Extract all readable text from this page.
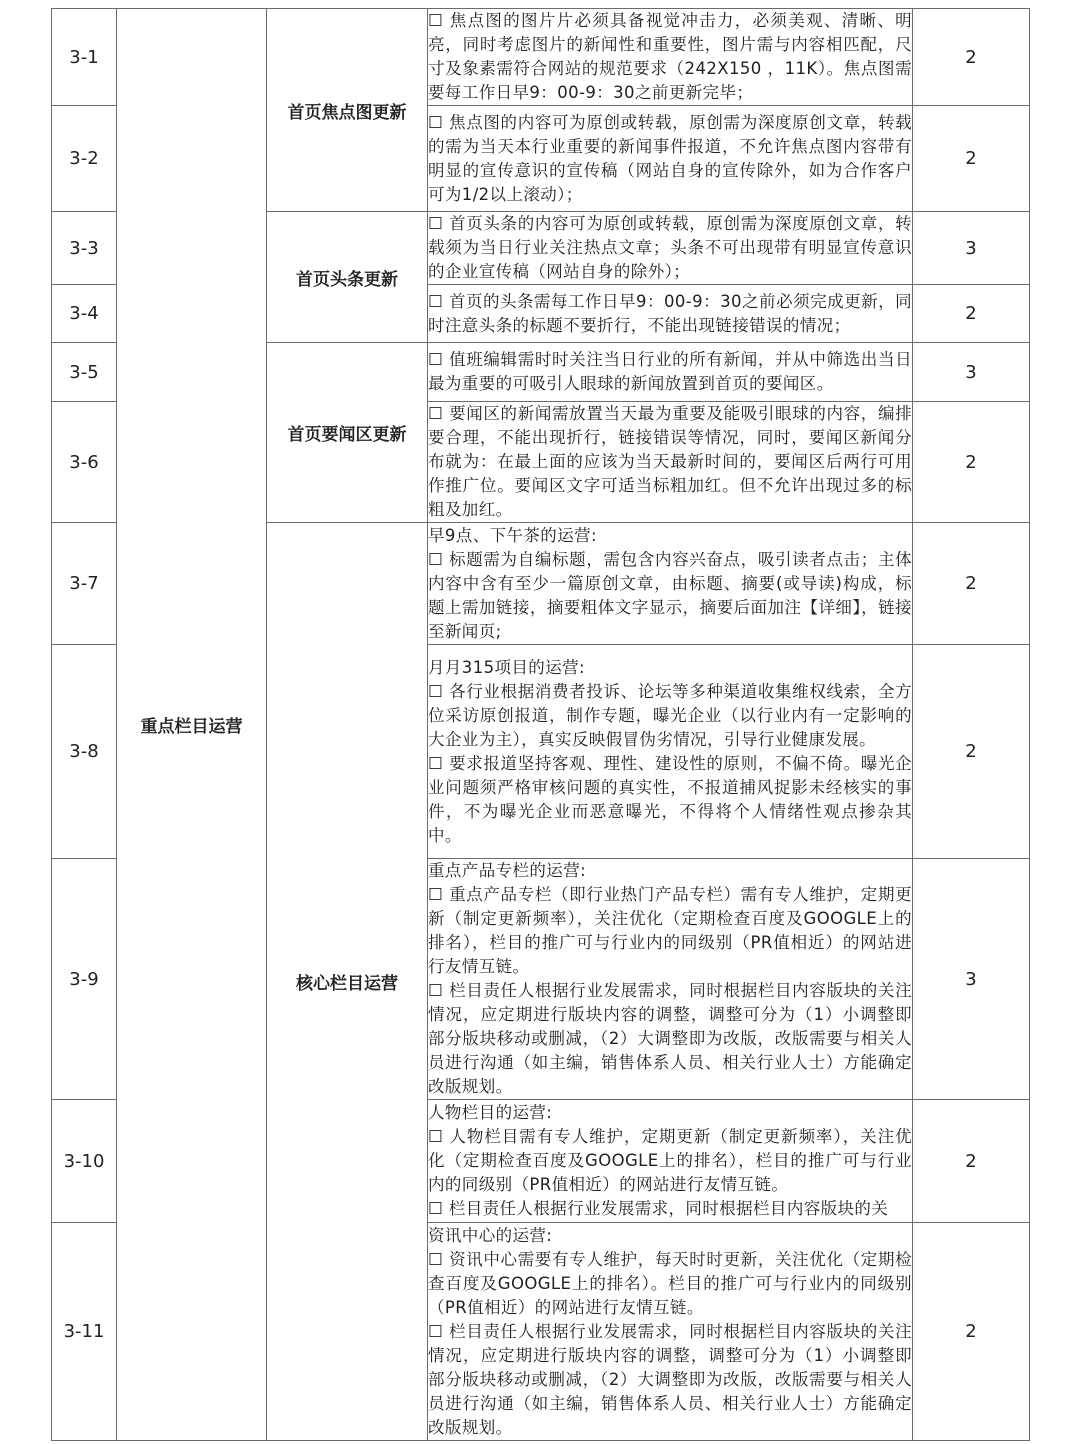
3-1	重点栏目运营	首页焦点图更新	☐ 焦点图的图片片必须具备视觉冲击力，必须美观、清晰、明亮，同时考虑图片的新闻性和重要性，图片需与内容相匹配，尺寸及象素需符合网站的规范要求（242X150 ，11K）。焦点图需要每工作日早9：00-9：30之前更新完毕；	2
3-2			☐ 焦点图的内容可为原创或转载，原创需为深度原创文章，转载的需为当天本行业重要的新闻事件报道，不允许焦点图内容带有明显的宣传意识的宣传稿（网站自身的宣传除外，如为合作客户可为1/2以上滚动）；	2
3-3		首页头条更新	☐ 首页头条的内容可为原创或转载，原创需为深度原创文章，转载须为当日行业关注热点文章；头条不可出现带有明显宣传意识的企业宣传稿（网站自身的除外）；	3
3-4			☐ 首页的头条需每工作日早9：00-9：30之前必须完成更新，同时注意头条的标题不要折行，不能出现链接错误的情况；	2
3-5		首页要闻区更新	☐ 值班编辑需时时关注当日行业的所有新闻，并从中筛选出当日最为重要的可吸引人眼球的新闻放置到首页的要闻区。	3
3-6			☐ 要闻区的新闻需放置当天最为重要及能吸引眼球的内容，编排要合理，不能出现折行，链接错误等情况，同时，要闻区新闻分布就为：在最上面的应该为当天最新时间的，要闻区后两行可用作推广位。要闻区文字可适当标粗加红。但不允许出现过多的标粗及加红。	2
3-7		核心栏目运营	早9点、下午茶的运营:
☐ 标题需为自编标题，需包含内容兴奋点，吸引读者点击；主体内容中含有至少一篇原创文章，由标题、摘要(或导读)构成，标题上需加链接，摘要粗体文字显示，摘要后面加注【详细】，链接至新闻页;	2
3-8			月月315项目的运营:
☐ 各行业根据消费者投诉、论坛等多种渠道收集维权线索，全方位采访原创报道，制作专题，曝光企业（以行业内有一定影响的大企业为主），真实反映假冒伪劣情况，引导行业健康发展。
☐ 要求报道坚持客观、理性、建设性的原则，不偏不倚。曝光企业问题须严格审核问题的真实性，不报道捕风捉影未经核实的事件，不为曝光企业而恶意曝光，不得将个人情绪性观点掺杂其中。	2
3-9			重点产品专栏的运营:
☐ 重点产品专栏（即行业热门产品专栏）需有专人维护，定期更新（制定更新频率），关注优化（定期检查百度及GOOGLE上的排名），栏目的推广可与行业内的同级别（PR值相近）的网站进行友情互链。
☐ 栏目责任人根据行业发展需求，同时根据栏目内容版块的关注情况，应定期进行版块内容的调整，调整可分为（1）小调整即部分版块移动或删减，（2）大调整即为改版，改版需要与相关人员进行沟通（如主编，销售体系人员、相关行业人士）方能确定改版规划。	3
3-10			人物栏目的运营:
☐ 人物栏目需有专人维护，定期更新（制定更新频率），关注优化（定期检查百度及GOOGLE上的排名），栏目的推广可与行业内的同级别（PR值相近）的网站进行友情互链。
☐ 栏目责任人根据行业发展需求，同时根据栏目内容版块的关	2
3-11			资讯中心的运营:
☐ 资讯中心需要有专人维护，每天时时更新，关注优化（定期检查百度及GOOGLE上的排名）。栏目的推广可与行业内的同级别（PR值相近）的网站进行友情互链。
☐ 栏目责任人根据行业发展需求，同时根据栏目内容版块的关注情况，应定期进行版块内容的调整，调整可分为（1）小调整即部分版块移动或删减，（2）大调整即为改版，改版需要与相关人员进行沟通（如主编，销售体系人员、相关行业人士）方能确定改版规划。	2
